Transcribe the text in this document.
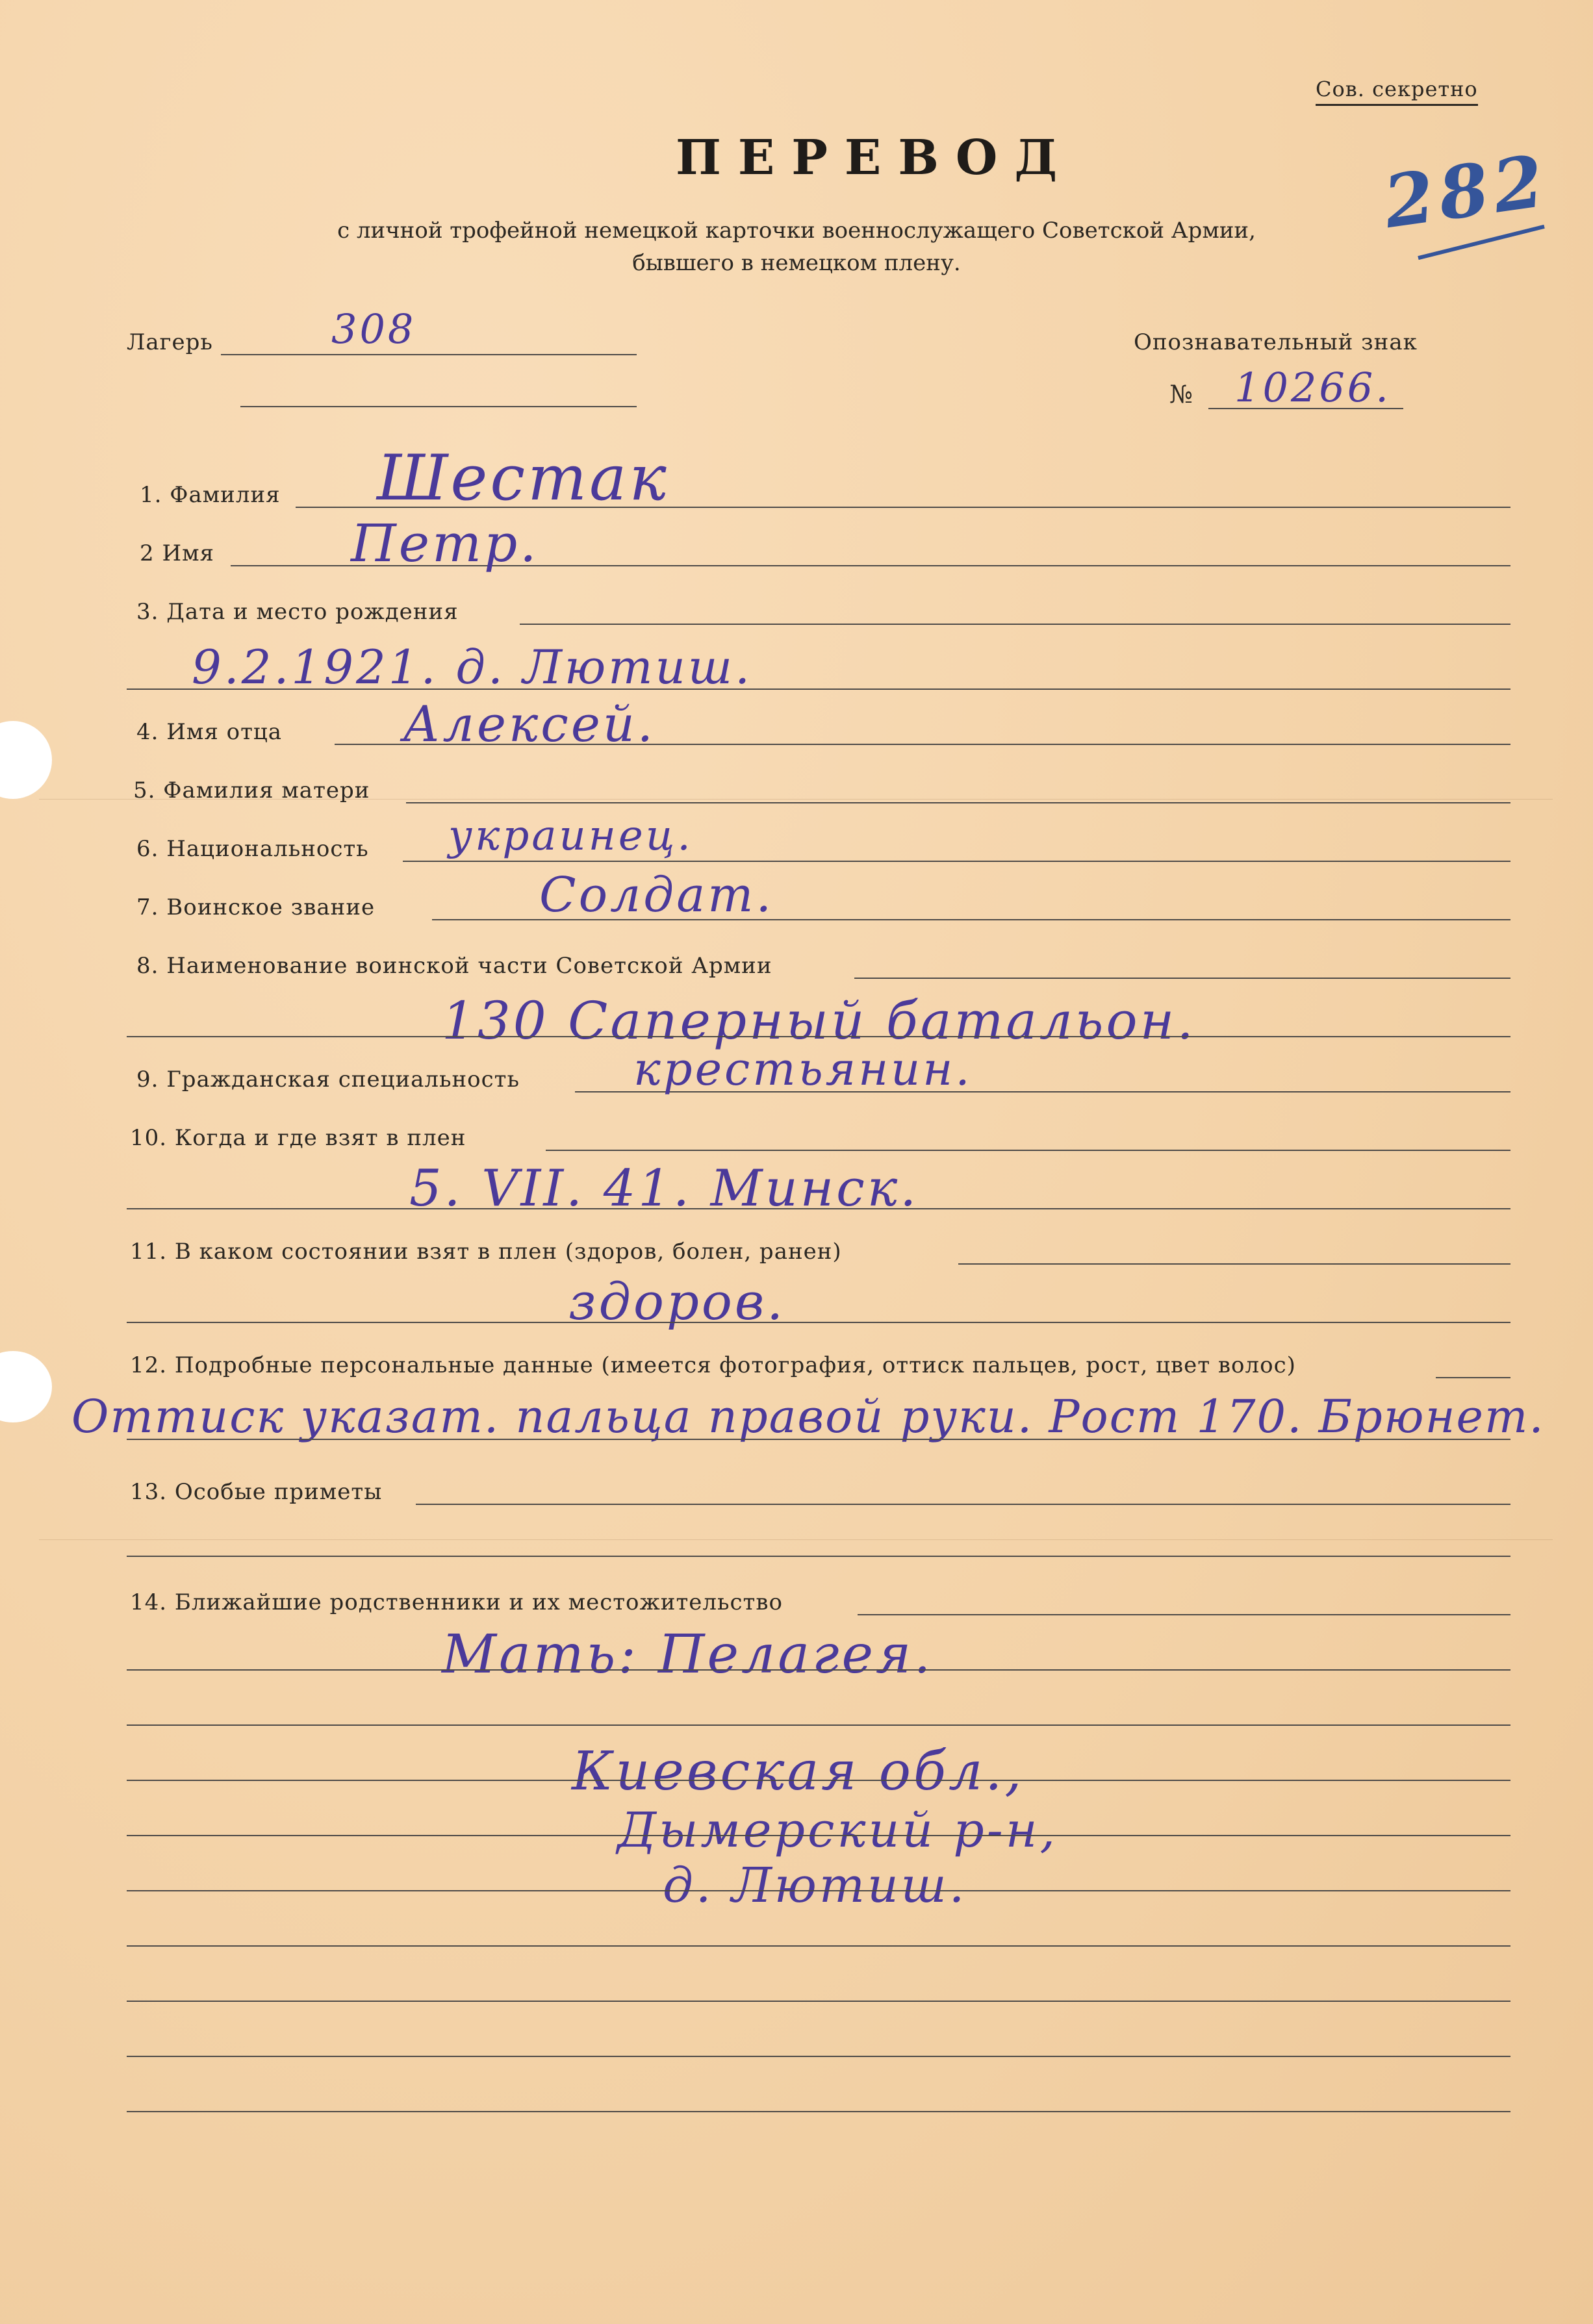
Сов. секретно
ПЕРЕВОД	282
с личной трофейной немецкой карточки военнослужащего Советской Армии,
бывшего в немецком плену.
Лагерь	308	Опознавательный знак
№ 10266.
1. Фамилия Шестак
2 Имя	Петр.
3. Дата и место рождения
9.2.1921. д. Лютиш.
4. Имя отца Алексей.
5. Фамилия матери
6. Национальность украинец.
7. Воинское звание	Солдат.
8. Наименование воинской части Советской Армии
130 Саперный батальон.
9. Гражданская специальность	крестьянин.
10. Когда и где взят в плен
5. VII. 41. Минск.
11. В каком состоянии взят в плен (здоров, болен, ранен)
здоров.
12. Подробные персональные данные (имеется фотография, оттиск пальцев, рост, цвет волос)
Оттиск указат. пальца правой руки. Рост 170. Брюнет.
13. Особые приметы
14. Ближайшие родственники и их местожительство
Мать: Пелагея.
Киевская обл.,
Дымерский р-н,
д. Лютиш.
